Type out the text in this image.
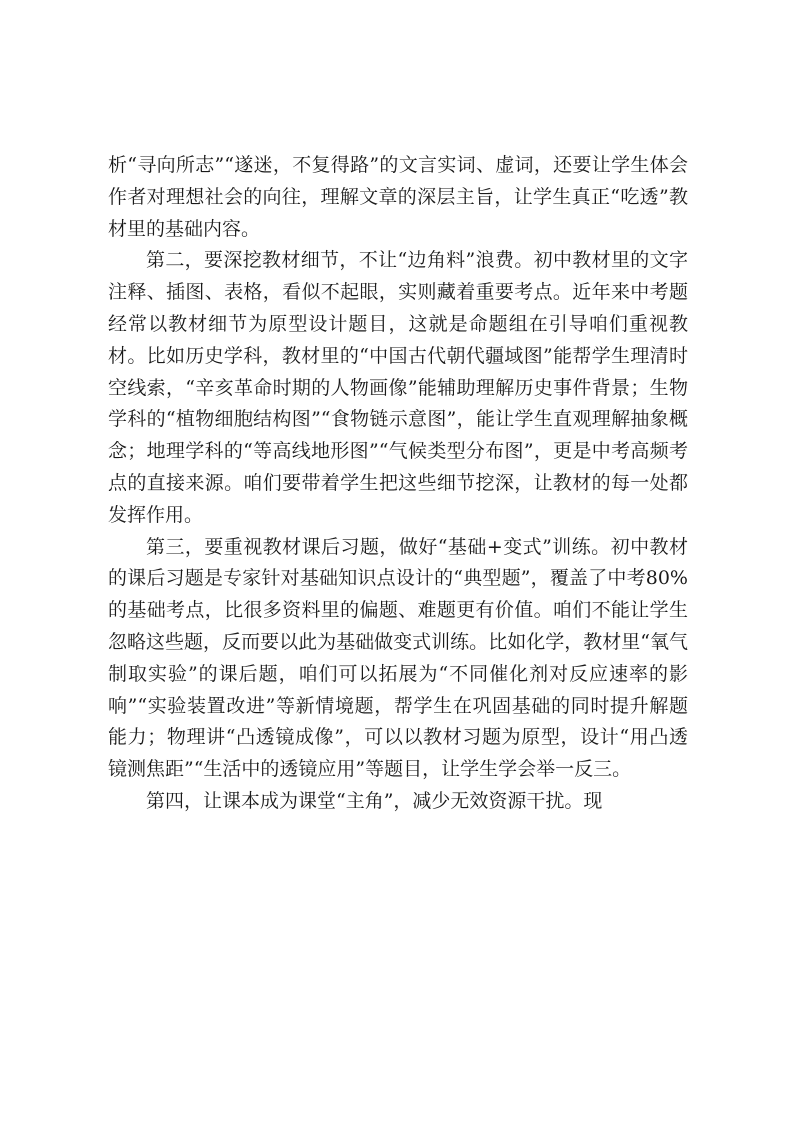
析“寻向所志”“遂迷，不复得路”的文言实词、虚词，还要让学生体会作者对理想社会的向往，理解文章的深层主旨，让学生真正“吃透”教材里的基础内容。

第二，要深挖教材细节，不让“边角料”浪费。初中教材里的文字注释、插图、表格，看似不起眼，实则藏着重要考点。近年来中考题经常以教材细节为原型设计题目，这就是命题组在引导咱们重视教材。比如历史学科，教材里的“中国古代朝代疆域图”能帮学生理清时空线索，“辛亥革命时期的人物画像”能辅助理解历史事件背景；生物学科的“植物细胞结构图”“食物链示意图”，能让学生直观理解抽象概念；地理学科的“等高线地形图”“气候类型分布图”，更是中考高频考点的直接来源。咱们要带着学生把这些细节挖深，让教材的每一处都发挥作用。

第三，要重视教材课后习题，做好“基础+变式”训练。初中教材的课后习题是专家针对基础知识点设计的“典型题”，覆盖了中考80%的基础考点，比很多资料里的偏题、难题更有价值。咱们不能让学生忽略这些题，反而要以此为基础做变式训练。比如化学，教材里“氧气制取实验”的课后题，咱们可以拓展为“不同催化剂对反应速率的影响”“实验装置改进”等新情境题，帮学生在巩固基础的同时提升解题能力；物理讲“凸透镜成像”，可以以教材习题为原型，设计“用凸透镜测焦距”“生活中的透镜应用”等题目，让学生学会举一反三。

第四，让课本成为课堂“主角”，减少无效资源干扰。现
